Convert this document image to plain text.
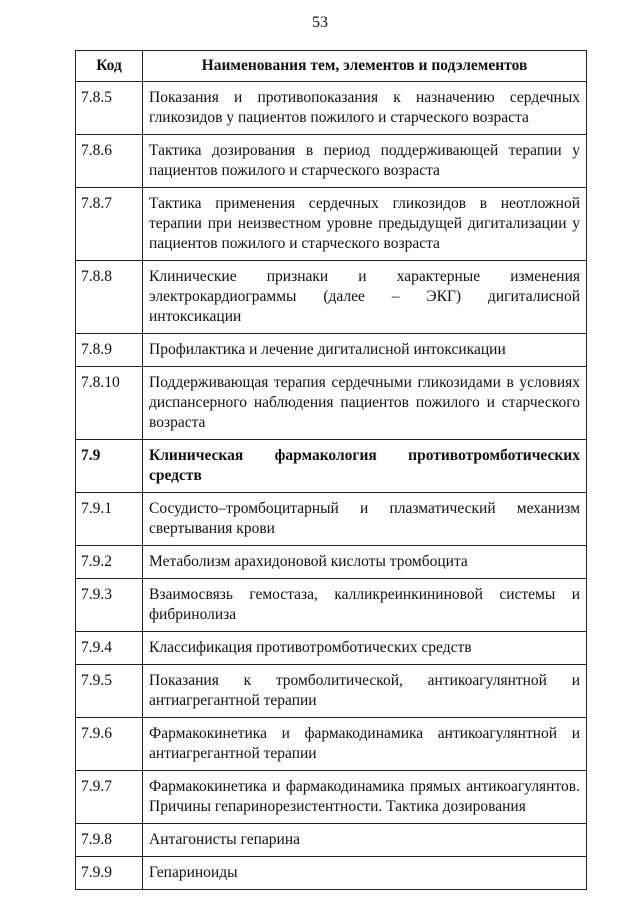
53
Код	Наименования тем, элементов и подэлементов
7.8.5	Показания и противопоказания к назначению сердечных гликозидов у пациентов пожилого и старческого возраста
7.8.6	Тактика дозирования в период поддерживающей терапии у пациентов пожилого и старческого возраста
7.8.7	Тактика применения сердечных гликозидов в неотложной терапии при неизвестном уровне предыдущей дигитализации у пациентов пожилого и старческого возраста
7.8.8	Клинические признаки и характерные изменения электрокардиограммы (далее – ЭКГ) дигиталисной интоксикации
7.8.9	Профилактика и лечение дигиталисной интоксикации
7.8.10	Поддерживающая терапия сердечными гликозидами в условиях диспансерного наблюдения пациентов пожилого и старческого возраста
7.9	Клиническая фармакология противотромботических средств
7.9.1	Сосудисто–тромбоцитарный и плазматический механизм свертывания крови
7.9.2	Метаболизм арахидоновой кислоты тромбоцита
7.9.3	Взаимосвязь гемостаза, калликреинкининовой системы и фибринолиза
7.9.4	Классификация противотромботических средств
7.9.5	Показания к тромболитической, антикоагулянтной и антиагрегантной терапии
7.9.6	Фармакокинетика и фармакодинамика антикоагулянтной и антиагрегантной терапии
7.9.7	Фармакокинетика и фармакодинамика прямых антикоагулянтов. Причины гепаринорезистентности. Тактика дозирования
7.9.8	Антагонисты гепарина
7.9.9	Гепариноиды
